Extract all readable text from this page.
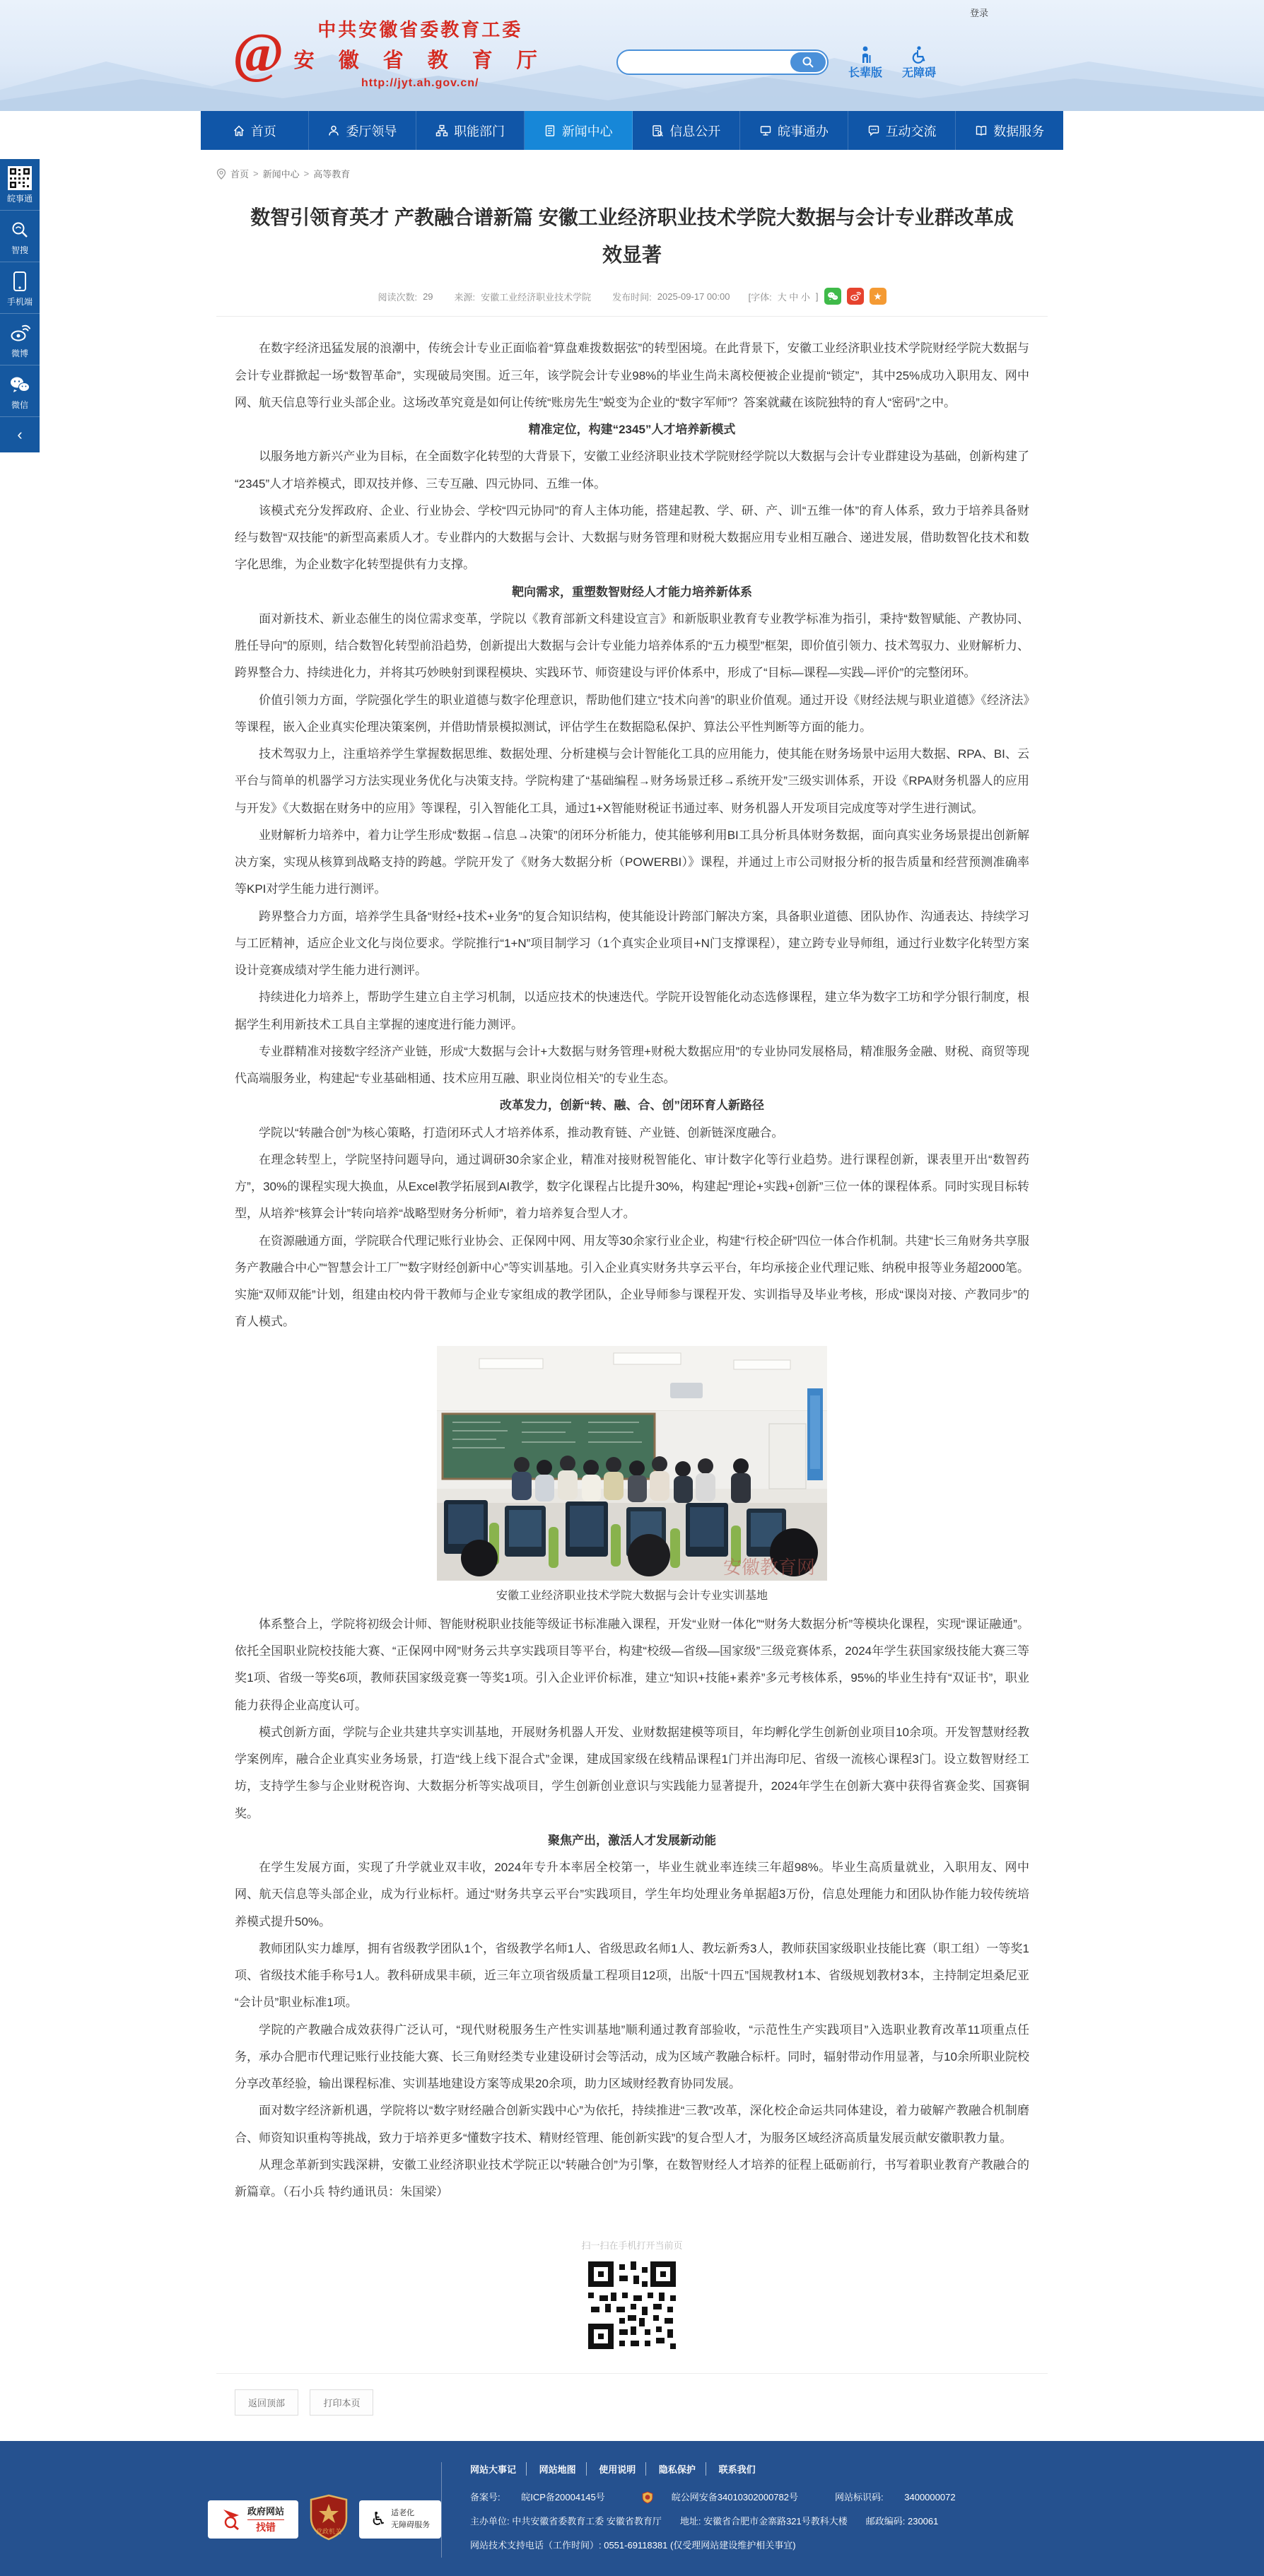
登录
@	中共安徽省委教育工委
安 徽 省 教 育 厅
http://jyt.ah.gov.cn/
长辈版 无障碍
首页	委厅领导	职能部门	新闻中心	信息公开	皖事通办	互动交流	数据服务
皖事通
智搜
手机端
微博
微信
‹
首页 > 新闻中心 > 高等教育
数智引领育英才 产教融合谱新篇 安徽工业经济职业技术学院大数据与会计专业群改革成效显著
阅读次数: 29 来源: 安徽工业经济职业技术学院 发布时间: 2025-09-17 00:00 [字体: 大 中 小 ]	★

在数字经济迅猛发展的浪潮中，传统会计专业正面临着“算盘难拨数据弦”的转型困境。在此背景下，安徽工业经济职业技术学院财经学院大数据与会计专业群掀起一场“数智革命”，实现破局突围。近三年，该学院会计专业98%的毕业生尚未离校便被企业提前“锁定”，其中25%成功入职用友、网中网、航天信息等行业头部企业。这场改革究竟是如何让传统“账房先生”蜕变为企业的“数字军师”？答案就藏在该院独特的育人“密码”之中。

精准定位，构建“2345”人才培养新模式

以服务地方新兴产业为目标，在全面数字化转型的大背景下，安徽工业经济职业技术学院财经学院以大数据与会计专业群建设为基础，创新构建了“2345”人才培养模式，即双技并修、三专互融、四元协同、五维一体。

该模式充分发挥政府、企业、行业协会、学校“四元协同”的育人主体功能，搭建起教、学、研、产、训“五维一体”的育人体系，致力于培养具备财经与数智“双技能”的新型高素质人才。专业群内的大数据与会计、大数据与财务管理和财税大数据应用专业相互融合、递进发展，借助数智化技术和数字化思维，为企业数字化转型提供有力支撑。

靶向需求，重塑数智财经人才能力培养新体系

面对新技术、新业态催生的岗位需求变革，学院以《教育部新文科建设宣言》和新版职业教育专业教学标准为指引，秉持“数智赋能、产教协同、胜任导向”的原则，结合数智化转型前沿趋势，创新提出大数据与会计专业能力培养体系的“五力模型”框架，即价值引领力、技术驾驭力、业财解析力、跨界整合力、持续进化力，并将其巧妙映射到课程模块、实践环节、师资建设与评价体系中，形成了“目标—课程—实践—评价”的完整闭环。

价值引领力方面，学院强化学生的职业道德与数字伦理意识，帮助他们建立“技术向善”的职业价值观。通过开设《财经法规与职业道德》《经济法》等课程，嵌入企业真实伦理决策案例，并借助情景模拟测试，评估学生在数据隐私保护、算法公平性判断等方面的能力。

技术驾驭力上，注重培养学生掌握数据思维、数据处理、分析建模与会计智能化工具的应用能力，使其能在财务场景中运用大数据、RPA、BI、云平台与简单的机器学习方法实现业务优化与决策支持。学院构建了“基础编程→财务场景迁移→系统开发”三级实训体系，开设《RPA财务机器人的应用与开发》《大数据在财务中的应用》等课程，引入智能化工具，通过1+X智能财税证书通过率、财务机器人开发项目完成度等对学生进行测试。

业财解析力培养中，着力让学生形成“数据→信息→决策”的闭环分析能力，使其能够利用BI工具分析具体财务数据，面向真实业务场景提出创新解决方案，实现从核算到战略支持的跨越。学院开发了《财务大数据分析（POWERBI）》课程，并通过上市公司财报分析的报告质量和经营预测准确率等KPI对学生能力进行测评。

跨界整合力方面，培养学生具备“财经+技术+业务”的复合知识结构，使其能设计跨部门解决方案，具备职业道德、团队协作、沟通表达、持续学习与工匠精神，适应企业文化与岗位要求。学院推行“1+N”项目制学习（1个真实企业项目+N门支撑课程），建立跨专业导师组，通过行业数字化转型方案设计竞赛成绩对学生能力进行测评。

持续进化力培养上，帮助学生建立自主学习机制，以适应技术的快速迭代。学院开设智能化动态选修课程，建立华为数字工坊和学分银行制度，根据学生利用新技术工具自主掌握的速度进行能力测评。

专业群精准对接数字经济产业链，形成“大数据与会计+大数据与财务管理+财税大数据应用”的专业协同发展格局，精准服务金融、财税、商贸等现代高端服务业，构建起“专业基础相通、技术应用互融、职业岗位相关”的专业生态。

改革发力，创新“转、融、合、创”闭环育人新路径

学院以“转融合创”为核心策略，打造闭环式人才培养体系，推动教育链、产业链、创新链深度融合。

在理念转型上，学院坚持问题导向，通过调研30余家企业，精准对接财税智能化、审计数字化等行业趋势。进行课程创新，课表里开出“数智药方”，30%的课程实现大换血，从Excel教学拓展到AI教学，数字化课程占比提升30%，构建起“理论+实践+创新”三位一体的课程体系。同时实现目标转型，从培养“核算会计”转向培养“战略型财务分析师”，着力培养复合型人才。

在资源融通方面，学院联合代理记账行业协会、正保网中网、用友等30余家行业企业，构建“行校企研”四位一体合作机制。共建“长三角财务共享服务产教融合中心”“智慧会计工厂”“数字财经创新中心”等实训基地。引入企业真实财务共享云平台，年均承接企业代理记账、纳税申报等业务超2000笔。实施“双师双能”计划，组建由校内骨干教师与企业专家组成的教学团队，企业导师参与课程开发、实训指导及毕业考核，形成“课岗对接、产教同步”的育人模式。

安徽教育网
安徽工业经济职业技术学院大数据与会计专业实训基地

体系整合上，学院将初级会计师、智能财税职业技能等级证书标准融入课程，开发“业财一体化”“财务大数据分析”等模块化课程，实现“课证融通”。依托全国职业院校技能大赛、“正保网中网”财务云共享实践项目等平台，构建“校级—省级—国家级”三级竞赛体系，2024年学生获国家级技能大赛三等奖1项、省级一等奖6项，教师获国家级竞赛一等奖1项。引入企业评价标准，建立“知识+技能+素养”多元考核体系，95%的毕业生持有“双证书”，职业能力获得企业高度认可。

模式创新方面，学院与企业共建共享实训基地，开展财务机器人开发、业财数据建模等项目，年均孵化学生创新创业项目10余项。开发智慧财经教学案例库，融合企业真实业务场景，打造“线上线下混合式”金课，建成国家级在线精品课程1门并出海印尼、省级一流核心课程3门。设立数智财经工坊，支持学生参与企业财税咨询、大数据分析等实战项目，学生创新创业意识与实践能力显著提升，2024年学生在创新大赛中获得省赛金奖、国赛铜奖。

聚焦产出，激活人才发展新动能

在学生发展方面，实现了升学就业双丰收，2024年专升本率居全校第一，毕业生就业率连续三年超98%。毕业生高质量就业，入职用友、网中网、航天信息等头部企业，成为行业标杆。通过“财务共享云平台”实践项目，学生年均处理业务单据超3万份，信息处理能力和团队协作能力较传统培养模式提升50%。

教师团队实力雄厚，拥有省级教学团队1个，省级教学名师1人、省级思政名师1人、教坛新秀3人，教师获国家级职业技能比赛（职工组）一等奖1项、省级技术能手称号1人。教科研成果丰硕，近三年立项省级质量工程项目12项，出版“十四五”国规教材1本、省级规划教材3本，主持制定坦桑尼亚“会计员”职业标准1项。

学院的产教融合成效获得广泛认可，“现代财税服务生产性实训基地”顺利通过教育部验收，“示范性生产实践项目”入选职业教育改革11项重点任务，承办合肥市代理记账行业技能大赛、长三角财经类专业建设研讨会等活动，成为区域产教融合标杆。同时，辐射带动作用显著，与10余所职业院校分享改革经验，输出课程标准、实训基地建设方案等成果20余项，助力区域财经教育协同发展。

面对数字经济新机遇，学院将以“数字财经融合创新实践中心”为依托，持续推进“三教”改革，深化校企命运共同体建设，着力破解产教融合机制磨合、师资知识重构等挑战，致力于培养更多“懂数字技术、精财经管理、能创新实践”的复合型人才，为服务区域经济高质量发展贡献安徽职教力量。

从理念革新到实践深耕，安徽工业经济职业技术学院正以“转融合创”为引擎，在数智财经人才培养的征程上砥砺前行，书写着职业教育产教融合的新篇章。（石小兵 特约通讯员：朱国梁）

扫一扫在手机打开当前页
返回顶部	打印本页
政府网站
找错	党政机关
♿ 适老化
无障碍服务
网站大事记	网站地图	使用说明	隐私保护	联系我们
备案号:
皖ICP备20004145号	皖公网安备34010302000782号	网站标识码:
3400000072
主办单位: 中共安徽省委教育工委 安徽省教育厅 地址: 安徽省合肥市金寨路321号教科大楼 邮政编码: 230061
网站技术支持电话（工作时间）: 0551-69118381 (仅受理网站建设维护相关事宜)
